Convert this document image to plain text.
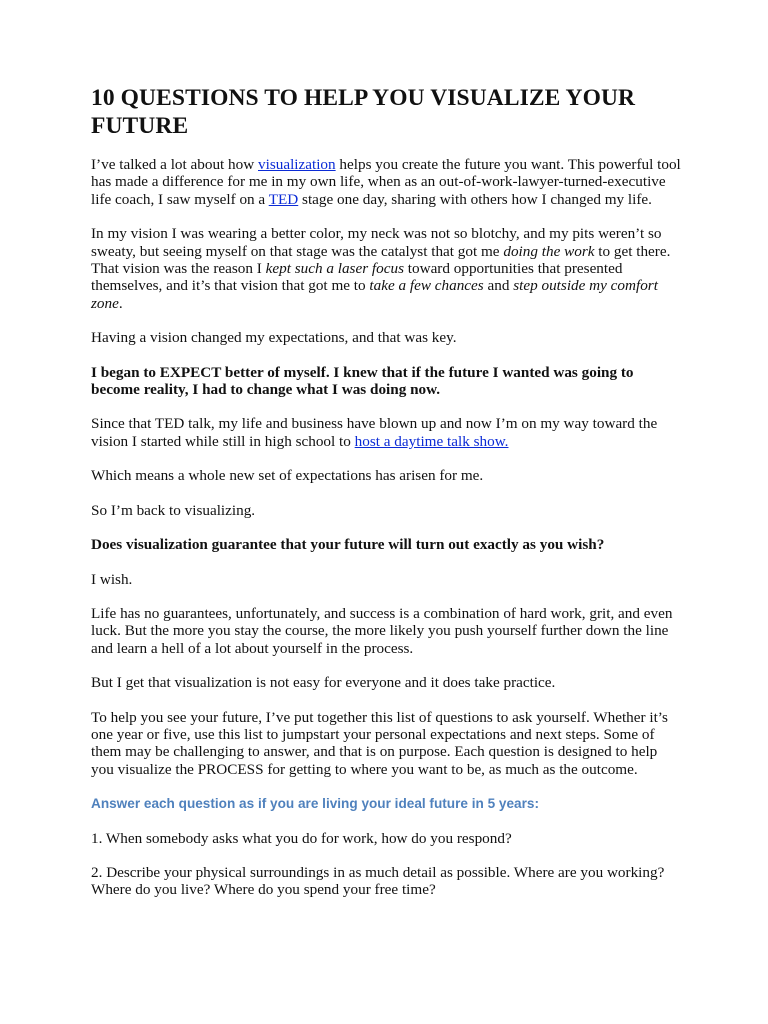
10 QUESTIONS TO HELP YOU VISUALIZE YOUR FUTURE

I’ve talked a lot about how visualization helps you create the future you want. This powerful tool has made a difference for me in my own life, when as an out-of-work-lawyer-turned-executive life coach, I saw myself on a TED stage one day, sharing with others how I changed my life.

In my vision I was wearing a better color, my neck was not so blotchy, and my pits weren’t so sweaty, but seeing myself on that stage was the catalyst that got me doing the work to get there. That vision was the reason I kept such a laser focus toward opportunities that presented themselves, and it’s that vision that got me to take a few chances and step outside my comfort zone.

Having a vision changed my expectations, and that was key.

I began to EXPECT better of myself. I knew that if the future I wanted was going to become reality, I had to change what I was doing now.

Since that TED talk, my life and business have blown up and now I’m on my way toward the vision I started while still in high school to host a daytime talk show.

Which means a whole new set of expectations has arisen for me.

So I’m back to visualizing.

Does visualization guarantee that your future will turn out exactly as you wish?

I wish.

Life has no guarantees, unfortunately, and success is a combination of hard work, grit, and even luck. But the more you stay the course, the more likely you push yourself further down the line and learn a hell of a lot about yourself in the process.

But I get that visualization is not easy for everyone and it does take practice.

To help you see your future, I’ve put together this list of questions to ask yourself. Whether it’s one year or five, use this list to jumpstart your personal expectations and next steps. Some of them may be challenging to answer, and that is on purpose. Each question is designed to help you visualize the PROCESS for getting to where you want to be, as much as the outcome.

Answer each question as if you are living your ideal future in 5 years:

1. When somebody asks what you do for work, how do you respond?

2. Describe your physical surroundings in as much detail as possible. Where are you working? Where do you live? Where do you spend your free time?
